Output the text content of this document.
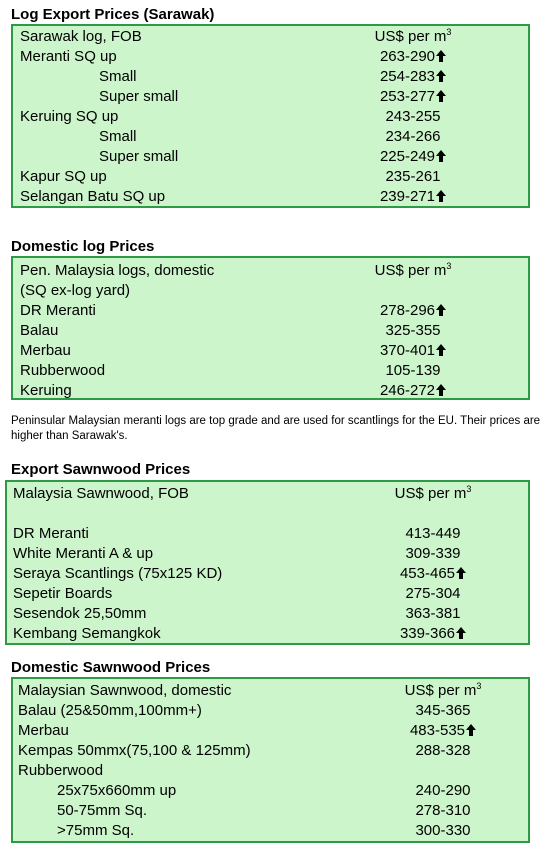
Log Export Prices (Sarawak)
Sarawak log, FOB	US$ per $m^3$
Meranti SQ up	263-290
Small	254-283
Super small	253-277
Keruing SQ up	243-255
Small	234-266
Super small	225-249
Kapur SQ up	235-261
Selangan Batu SQ up	239-271
Domestic log Prices
Pen. Malaysia logs, domestic	US$ per $m^3$
(SQ ex-log yard)
DR Meranti	278-296
Balau	325-355
Merbau	370-401
Rubberwood	105-139
Keruing	246-272
Peninsular Malaysian meranti logs are top grade and are used for scantlings for the EU. Their prices are higher than Sarawak's.
Export Sawnwood Prices
Malaysia Sawnwood, FOB	US$ per $m^3$
DR Meranti	413-449
White Meranti A & up	309-339
Seraya Scantlings (75x125 KD)	453-465
Sepetir Boards	275-304
Sesendok 25,50mm	363-381
Kembang Semangkok	339-366
Domestic Sawnwood Prices
Malaysian Sawnwood, domestic	US$ per $m^3$
Balau (25&50mm,100mm+)	345-365
Merbau	483-535
Kempas 50mmx(75,100 & 125mm)	288-328
Rubberwood
25x75x660mm up	240-290
50-75mm Sq.	278-310
>75mm Sq.	300-330
